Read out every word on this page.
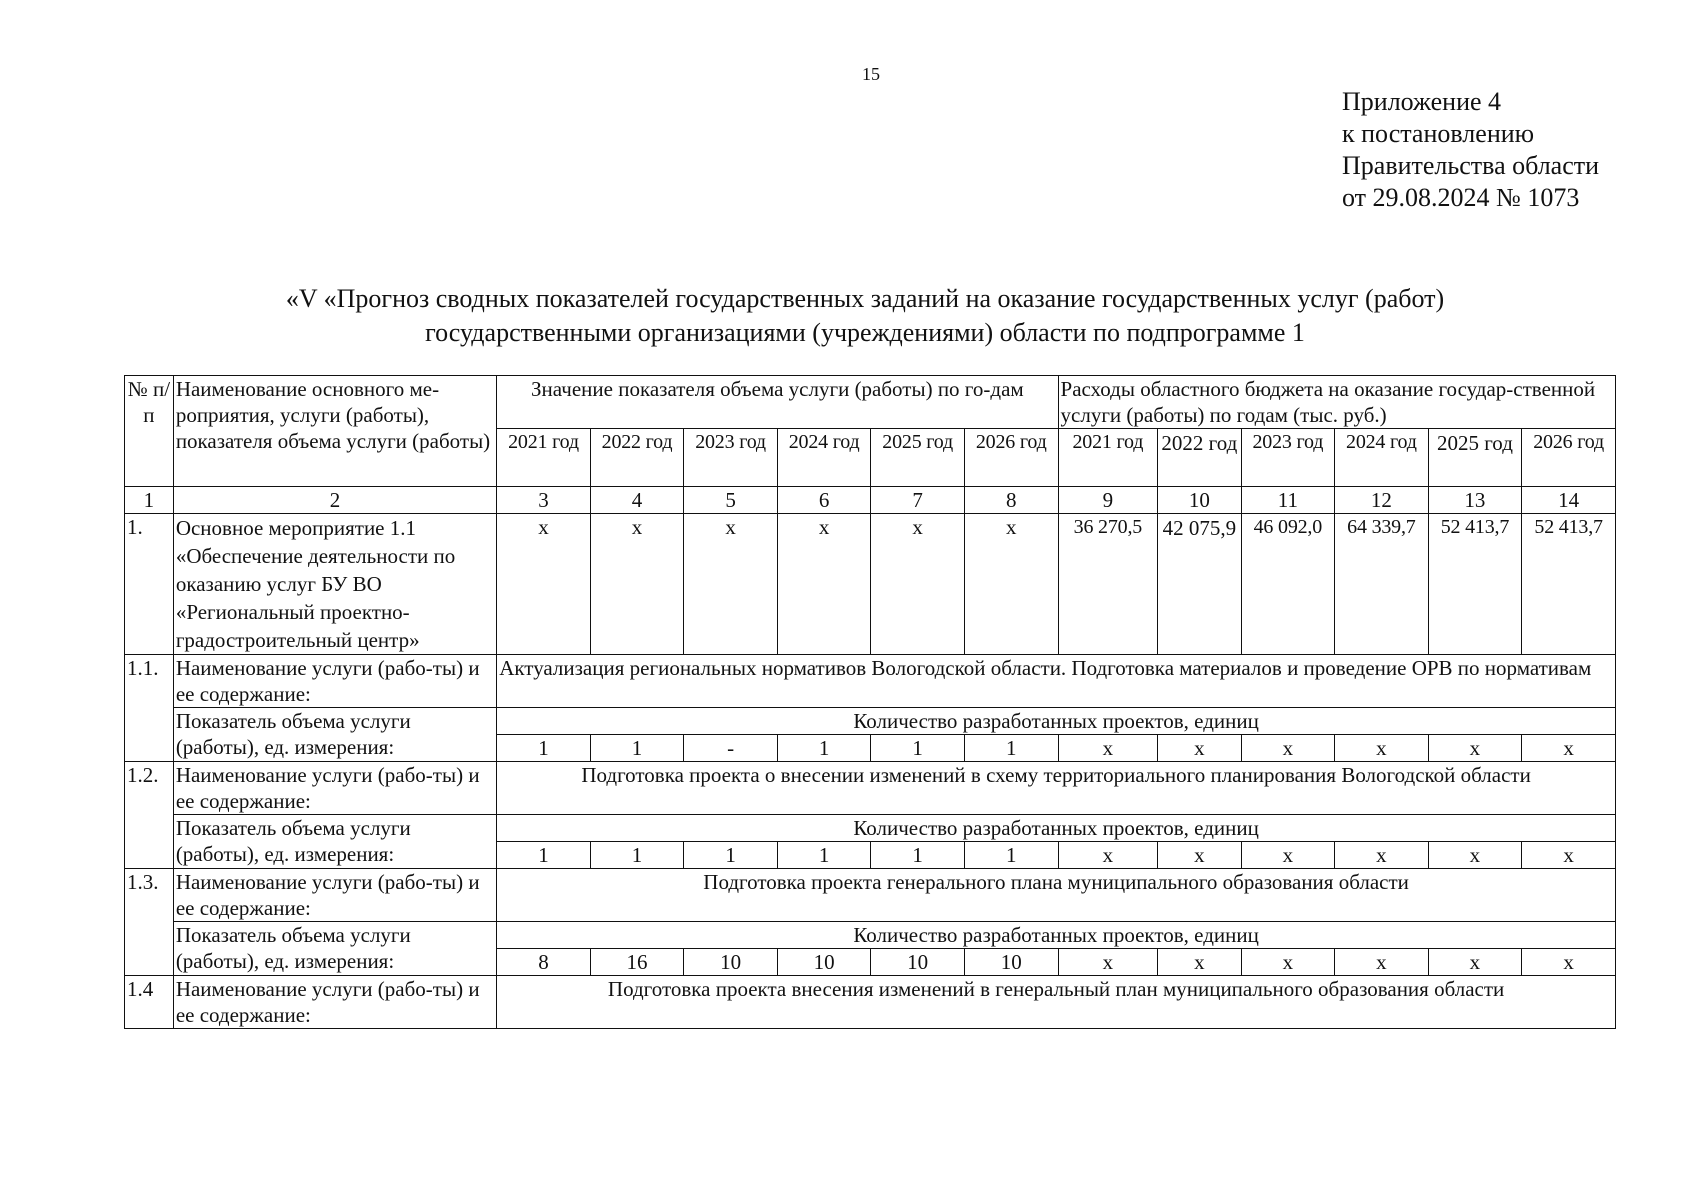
15
Приложение 4
к постановлению
Правительства области
от 29.08.2024 № 1073
«V «Прогноз сводных показателей государственных заданий на оказание государственных услуг (работ)
государственными организациями (учреждениями) области по подпрограмме 1
№ п/п	Наименование основного ме-роприятия, услуги (работы), показателя объема услуги (работы)	Значение показателя объема услуги (работы) по го-дам						Расходы областного бюджета на оказание государ-ственной услуги (работы) по годам (тыс. руб.)					
		2021 год	2022 год	2023 год	2024 год	2025 год	2026 год	2021 год	2022 год	2023 год	2024 год	2025 год	2026 год
1	2	3	4	5	6	7	8	9	10	11	12	13	14
1.	Основное мероприятие 1.1 «Обеспечение деятельности по оказанию услуг БУ ВО «Региональный проектно-градостроительный центр»	х	х	х	х	х	х	36 270,5	42 075,9	46 092,0	64 339,7	52 413,7	52 413,7
1.1.	Наименование услуги (рабо-ты) и ее содержание:	Актуализация региональных нормативов Вологодской области. Подготовка материалов и проведение ОРВ по нормативам											
	Показатель объема услуги (работы), ед. измерения:	Количество разработанных проектов, единиц											
		1	1	-	1	1	1	х	х	х	х	х	х
1.2.	Наименование услуги (рабо-ты) и ее содержание:	Подготовка проекта о внесении изменений в схему территориального планирования Вологодской области											
	Показатель объема услуги (работы), ед. измерения:	Количество разработанных проектов, единиц											
		1	1	1	1	1	1	х	х	х	х	х	х
1.3.	Наименование услуги (рабо-ты) и ее содержание:	Подготовка проекта генерального плана муниципального образования области											
	Показатель объема услуги (работы), ед. измерения:	Количество разработанных проектов, единиц											
		8	16	10	10	10	10	х	х	х	х	х	х
1.4	Наименование услуги (рабо-ты) и ее содержание:	Подготовка проекта внесения изменений в генеральный план муниципального образования области											
